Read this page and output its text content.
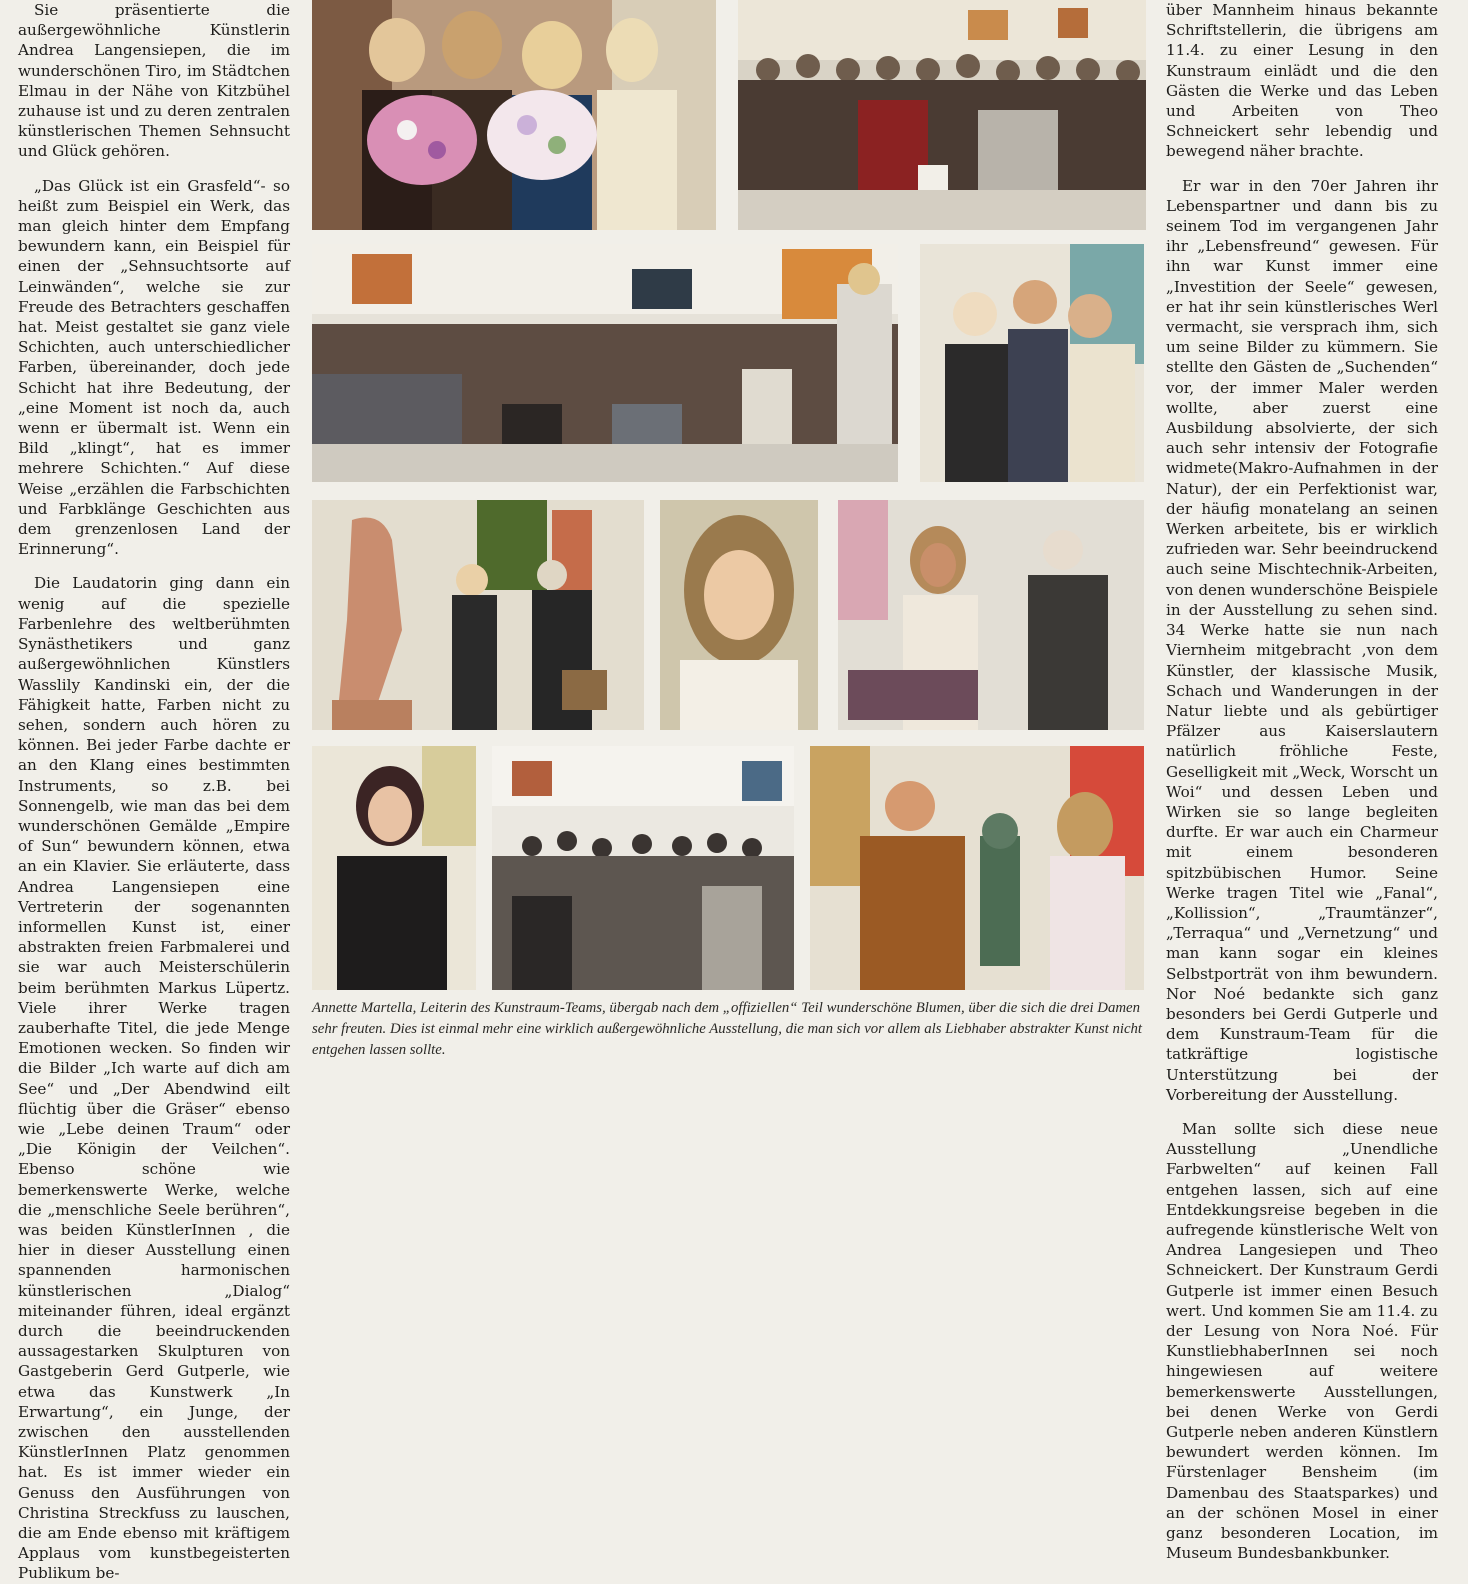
Sie präsentierte die außergewöhnliche Künstlerin Andrea Langensiepen, die im wunderschönen Tiro, im Städtchen Elmau in der Nähe von Kitzbühel zuhause ist und zu deren zentralen künstlerischen Themen Sehnsucht und Glück gehören.

„Das Glück ist ein Grasfeld“- so heißt zum Beispiel ein Werk, das man gleich hinter dem Empfang bewundern kann, ein Beispiel für einen der „Sehnsuchtsorte auf Leinwänden“, welche sie zur Freude des Betrachters geschaffen hat. Meist gestaltet sie ganz viele Schichten, auch unterschiedlicher Farben, übereinander, doch jede Schicht hat ihre Bedeutung, der „eine Moment ist noch da, auch wenn er übermalt ist. Wenn ein Bild „klingt“, hat es immer mehrere Schichten.“ Auf diese Weise „erzählen die Farbschichten und Farbklänge Geschichten aus dem grenzenlosen Land der Erinnerung“.

Die Laudatorin ging dann ein wenig auf die spezielle Farbenlehre des weltberühmten Synästhetikers und ganz außergewöhnlichen Künstlers Wasslily Kandinski ein, der die Fähigkeit hatte, Farben nicht zu sehen, sondern auch hören zu können. Bei jeder Farbe dachte er an den Klang eines bestimmten Instruments, so z.B. bei Sonnengelb, wie man das bei dem wunderschönen Gemälde „Empire of Sun“ bewundern können, etwa an ein Klavier. Sie erläuterte, dass Andrea Langensiepen eine Vertreterin der sogenannten informellen Kunst ist, einer abstrakten freien Farbmalerei und sie war auch Meisterschülerin beim berühmten Markus Lüpertz. Viele ihrer Werke tragen zauberhafte Titel, die jede Menge Emotionen wecken. So finden wir die Bilder „Ich warte auf dich am See“ und „Der Abendwind eilt flüchtig über die Gräser“ ebenso wie „Lebe deinen Traum“ oder „Die Königin der Veilchen“. Ebenso schöne wie bemerkenswerte Werke, welche die „menschliche Seele berühren“, was beiden KünstlerInnen , die hier in dieser Ausstellung einen spannenden harmonischen künstlerischen „Dialog“ miteinander führen, ideal ergänzt durch die beeindruckenden aussagestarken Skulpturen von Gastgeberin Gerd Gutperle, wie etwa das Kunstwerk „In Erwartung“, ein Junge, der zwischen den ausstellenden KünstlerInnen Platz genommen hat. Es ist immer wieder ein Genuss den Ausführungen von Christina Streckfuss zu lauschen, die am Ende ebenso mit kräftigem Applaus vom kunstbegeisterten Publikum be-

über Mannheim hinaus bekannte Schriftstellerin, die übrigens am 11.4. zu einer Lesung in den Kunstraum einlädt und die den Gästen die Werke und das Leben und Arbeiten von Theo Schneickert sehr lebendig und bewegend näher brachte.

Er war in den 70er Jahren ihr Lebenspartner und dann bis zu seinem Tod im vergangenen Jahr ihr „Lebensfreund“ gewesen. Für ihn war Kunst immer eine „Investition der Seele“ gewesen, er hat ihr sein künstlerisches Werl vermacht, sie versprach ihm, sich um seine Bilder zu kümmern. Sie stellte den Gästen de „Suchenden“ vor, der immer Maler werden wollte, aber zuerst eine Ausbildung absolvierte, der sich auch sehr intensiv der Fotografie widmete(Makro-Aufnahmen in der Natur), der ein Perfektionist war, der häufig monatelang an seinen Werken arbeitete, bis er wirklich zufrieden war. Sehr beeindruckend auch seine Mischtechnik-Arbeiten, von denen wunderschöne Beispiele in der Ausstellung zu sehen sind. 34 Werke hatte sie nun nach Viernheim mitgebracht ,von dem Künstler, der klassische Musik, Schach und Wanderungen in der Natur liebte und als gebürtiger Pfälzer aus Kaiserslautern natürlich fröhliche Feste, Geselligkeit mit „Weck, Worscht un Woi“ und dessen Leben und Wirken sie so lange begleiten durfte. Er war auch ein Charmeur mit einem besonderen spitzbübischen Humor. Seine Werke tragen Titel wie „Fanal“, „Kollission“, „Traumtänzer“, „Terraqua“ und „Vernetzung“ und man kann sogar ein kleines Selbstporträt von ihm bewundern. Nor Noé bedankte sich ganz besonders bei Gerdi Gutperle und dem Kunstraum-Team für die tatkräftige logistische Unterstützung bei der Vorbereitung der Ausstellung.

Man sollte sich diese neue Ausstellung „Unendliche Farbwelten“ auf keinen Fall entgehen lassen, sich auf eine Entdekkungsreise begeben in die aufregende künstlerische Welt von Andrea Langesiepen und Theo Schneickert. Der Kunstraum Gerdi Gutperle ist immer einen Besuch wert. Und kommen Sie am 11.4. zu der Lesung von Nora Noé. Für KunstliebhaberInnen sei noch hingewiesen auf weitere bemerkenswerte Ausstellungen, bei denen Werke von Gerdi Gutperle neben anderen Künstlern bewundert werden können. Im Fürstenlager Bensheim (im Damenbau des Staatsparkes) und an der schönen Mosel in einer ganz besonderen Location, im Museum Bundesbankbunker.

Annette Martella, Leiterin des Kunstraum-Teams, übergab nach dem „offiziellen“ Teil wunderschöne Blumen, über die sich die drei Damen sehr freuten. Dies ist einmal mehr eine wirklich außergewöhnliche Ausstellung, die man sich vor allem als Liebhaber abstrakter Kunst nicht entgehen lassen sollte.
